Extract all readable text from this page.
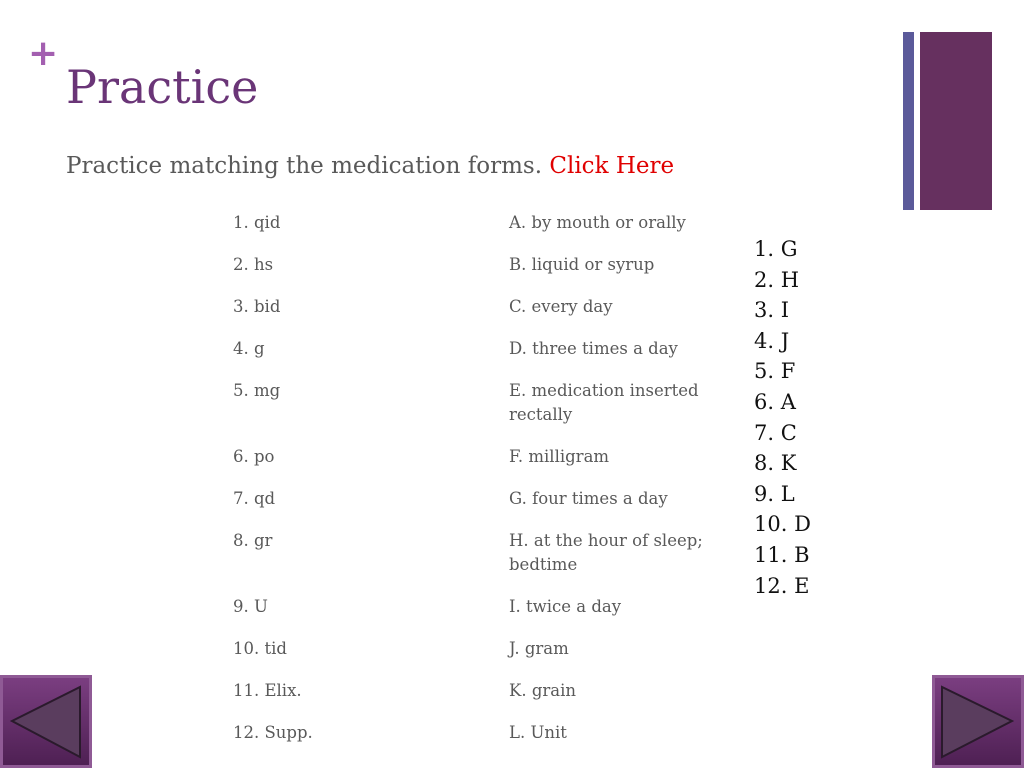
+
Practice
Practice matching the medication forms. Click Here
1. qid	A. by mouth or orally
2. hs	B. liquid or syrup
3. bid	C. every day
4. g	D. three times a day
5. mg	E. medication inserted rectally
6. po	F. milligram
7. qd	G. four times a day
8. gr	H. at the hour of sleep; bedtime
9. U	I. twice a day
10. tid	J. gram
11. Elix.	K. grain
12. Supp.	L. Unit
1. G
2. H
3. I
4. J
5. F
6. A
7. C
8. K
9. L
10. D
11. B
12. E
